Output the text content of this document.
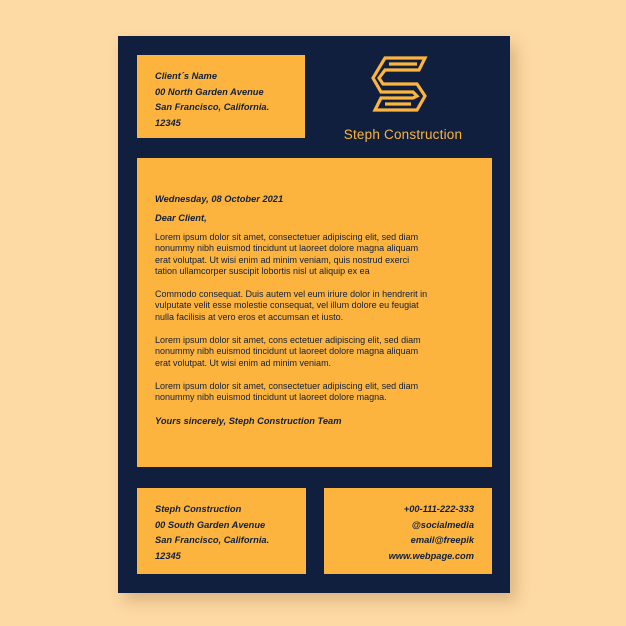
Client´s Name
00 North Garden Avenue
San Francisco, California.
12345
Steph Construction
Wednesday, 08 October 2021
Dear Client,

Lorem ipsum dolor sit amet, consectetuer adipiscing elit, sed diam
nonummy nibh euismod tincidunt ut laoreet dolore magna aliquam
erat volutpat. Ut wisi enim ad minim veniam, quis nostrud exerci
tation ullamcorper suscipit lobortis nisl ut aliquip ex ea

Commodo consequat. Duis autem vel eum iriure dolor in hendrerit in
vulputate velit esse molestie consequat, vel illum dolore eu feugiat
nulla facilisis at vero eros et accumsan et iusto.

Lorem ipsum dolor sit amet, cons ectetuer adipiscing elit, sed diam
nonummy nibh euismod tincidunt ut laoreet dolore magna aliquam
erat volutpat. Ut wisi enim ad minim veniam.

Lorem ipsum dolor sit amet, consectetuer adipiscing elit, sed diam
nonummy nibh euismod tincidunt ut laoreet dolore magna.

Yours sincerely, Steph Construction Team
Steph Construction
00 South Garden Avenue
San Francisco, California.
12345
+00-111-222-333
@socialmedia
email@freepik
www.webpage.com
